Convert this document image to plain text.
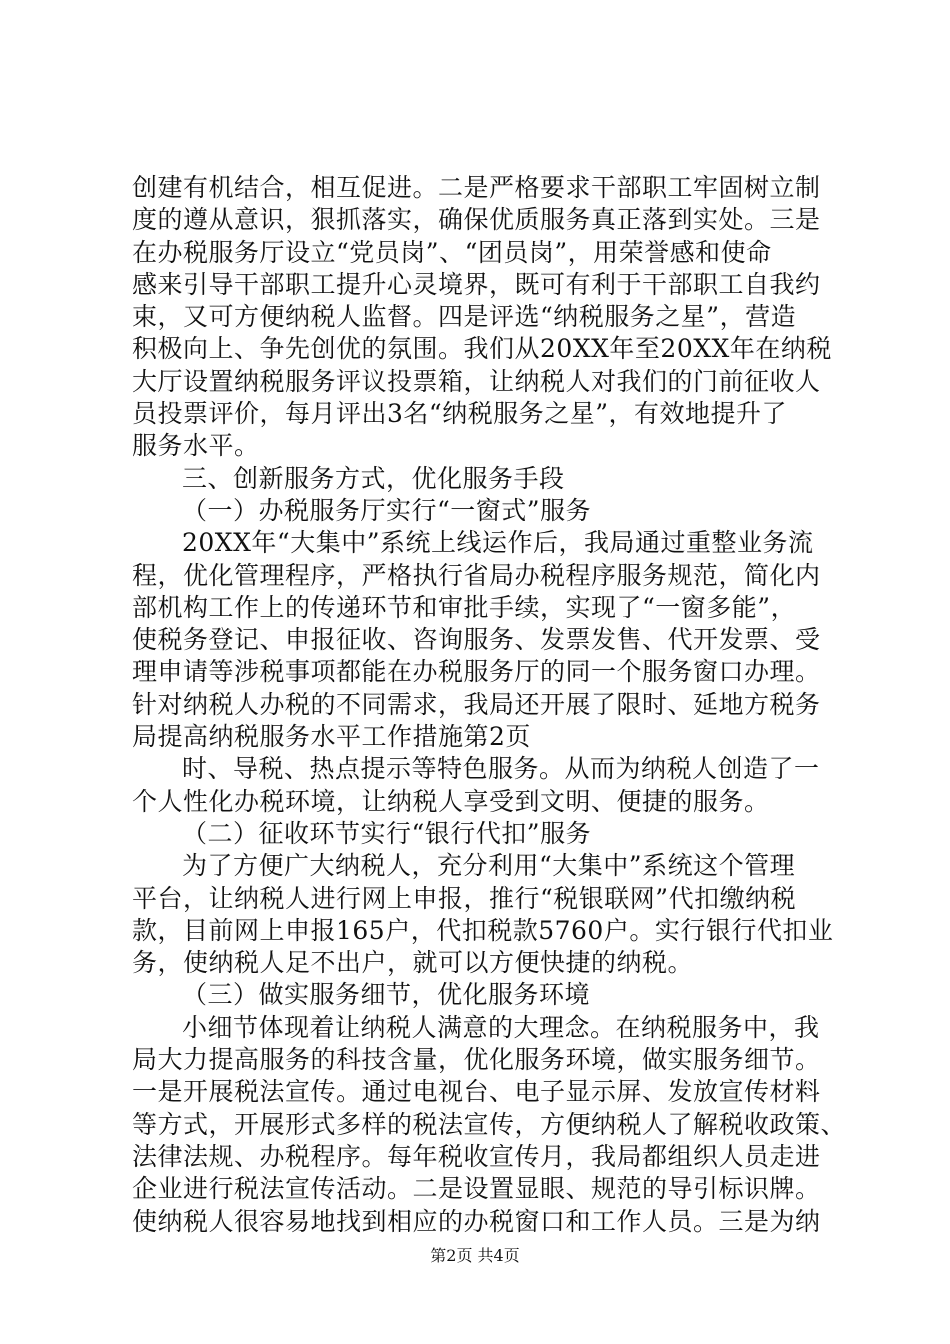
创建有机结合，相互促进。二是严格要求干部职工牢固树立制
度的遵从意识，狠抓落实，确保优质服务真正落到实处。三是
在办税服务厅设立“党员岗”、“团员岗”，用荣誉感和使命
感来引导干部职工提升心灵境界，既可有利于干部职工自我约
束，又可方便纳税人监督。四是评选“纳税服务之星”，营造
积极向上、争先创优的氛围。我们从20XX年至20XX年在纳税
大厅设置纳税服务评议投票箱，让纳税人对我们的门前征收人
员投票评价，每月评出3名“纳税服务之星”，有效地提升了
服务水平。
三、创新服务方式，优化服务手段
（一）办税服务厅实行“一窗式”服务
20XX年“大集中”系统上线运作后，我局通过重整业务流
程，优化管理程序，严格执行省局办税程序服务规范，简化内
部机构工作上的传递环节和审批手续，实现了“一窗多能”，
使税务登记、申报征收、咨询服务、发票发售、代开发票、受
理申请等涉税事项都能在办税服务厅的同一个服务窗口办理。
针对纳税人办税的不同需求，我局还开展了限时、延地方税务
局提高纳税服务水平工作措施第2页
时、导税、热点提示等特色服务。从而为纳税人创造了一
个人性化办税环境，让纳税人享受到文明、便捷的服务。
（二）征收环节实行“银行代扣”服务
为了方便广大纳税人，充分利用“大集中”系统这个管理
平台，让纳税人进行网上申报，推行“税银联网”代扣缴纳税
款，目前网上申报165户，代扣税款5760户。实行银行代扣业
务，使纳税人足不出户，就可以方便快捷的纳税。
（三）做实服务细节，优化服务环境
小细节体现着让纳税人满意的大理念。在纳税服务中，我
局大力提高服务的科技含量，优化服务环境，做实服务细节。
一是开展税法宣传。通过电视台、电子显示屏、发放宣传材料
等方式，开展形式多样的税法宣传，方便纳税人了解税收政策、
法律法规、办税程序。每年税收宣传月，我局都组织人员走进
企业进行税法宣传活动。二是设置显眼、规范的导引标识牌。
使纳税人很容易地找到相应的办税窗口和工作人员。三是为纳
第2页 共4页
